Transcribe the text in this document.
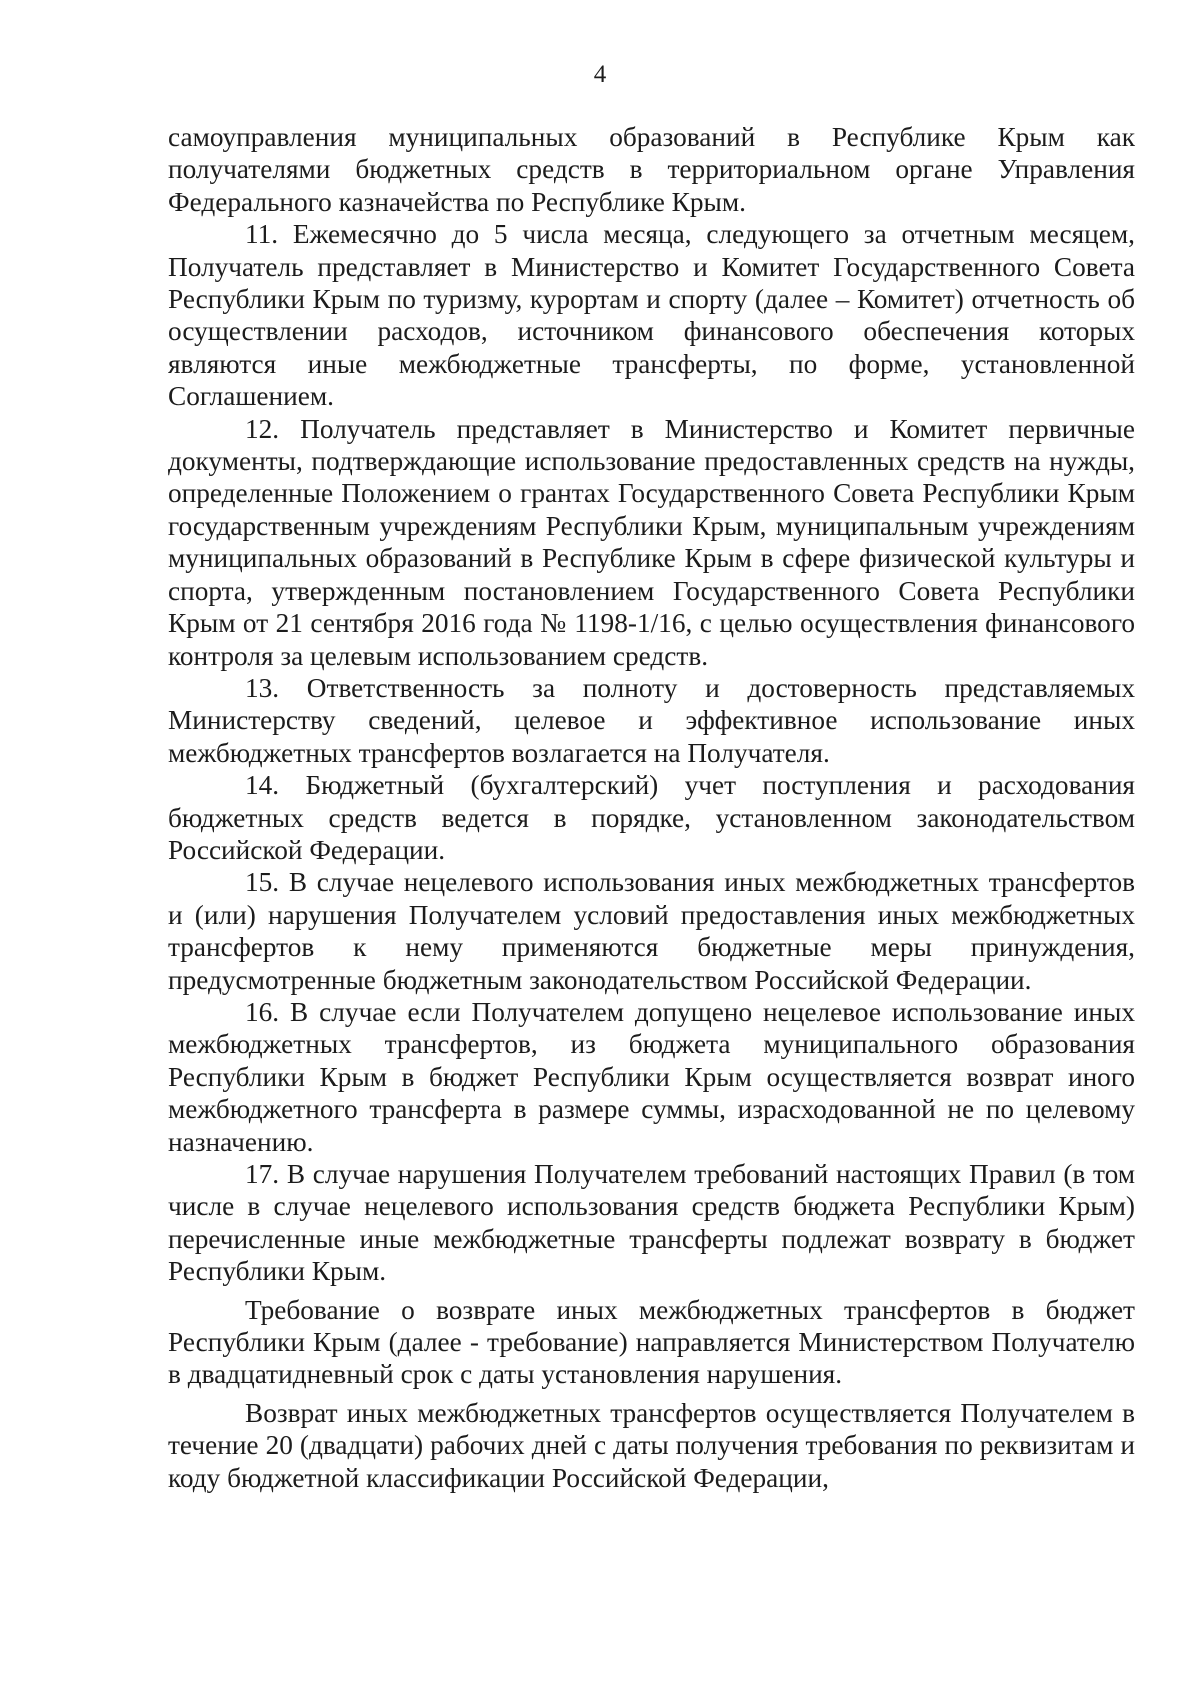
4

самоуправления муниципальных образований в Республике Крым как получателями бюджетных средств в территориальном органе Управления Федерального казначейства по Республике Крым.

11. Ежемесячно до 5 числа месяца, следующего за отчетным месяцем, Получатель представляет в Министерство и Комитет Государственного Совета Республики Крым по туризму, курортам и спорту (далее – Комитет) отчетность об осуществлении расходов, источником финансового обеспечения которых являются иные межбюджетные трансферты, по форме, установленной Соглашением.

12. Получатель представляет в Министерство и Комитет первичные документы, подтверждающие использование предоставленных средств на нужды, определенные Положением о грантах Государственного Совета Республики Крым государственным учреждениям Республики Крым, муниципальным учреждениям муниципальных образований в Республике Крым в сфере физической культуры и спорта, утвержденным постановлением Государственного Совета Республики Крым от 21 сентября 2016 года № 1198-1/16, с целью осуществления финансового контроля за целевым использованием средств.

13. Ответственность за полноту и достоверность представляемых Министерству сведений, целевое и эффективное использование иных межбюджетных трансфертов возлагается на Получателя.

14. Бюджетный (бухгалтерский) учет поступления и расходования бюджетных средств ведется в порядке, установленном законодательством Российской Федерации.

15. В случае нецелевого использования иных межбюджетных трансфертов и (или) нарушения Получателем условий предоставления иных межбюджетных трансфертов к нему применяются бюджетные меры принуждения, предусмотренные бюджетным законодательством Российской Федерации.

16. В случае если Получателем допущено нецелевое использование иных межбюджетных трансфертов, из бюджета муниципального образования Республики Крым в бюджет Республики Крым осуществляется возврат иного межбюджетного трансферта в размере суммы, израсходованной не по целевому назначению.

17. В случае нарушения Получателем требований настоящих Правил (в том числе в случае нецелевого использования средств бюджета Республики Крым) перечисленные иные межбюджетные трансферты подлежат возврату в бюджет Республики Крым.

Требование о возврате иных межбюджетных трансфертов в бюджет Республики Крым (далее - требование) направляется Министерством Получателю в двадцатидневный срок с даты установления нарушения.

Возврат иных межбюджетных трансфертов осуществляется Получателем в течение 20 (двадцати) рабочих дней с даты получения требования по реквизитам и коду бюджетной классификации Российской Федерации,
